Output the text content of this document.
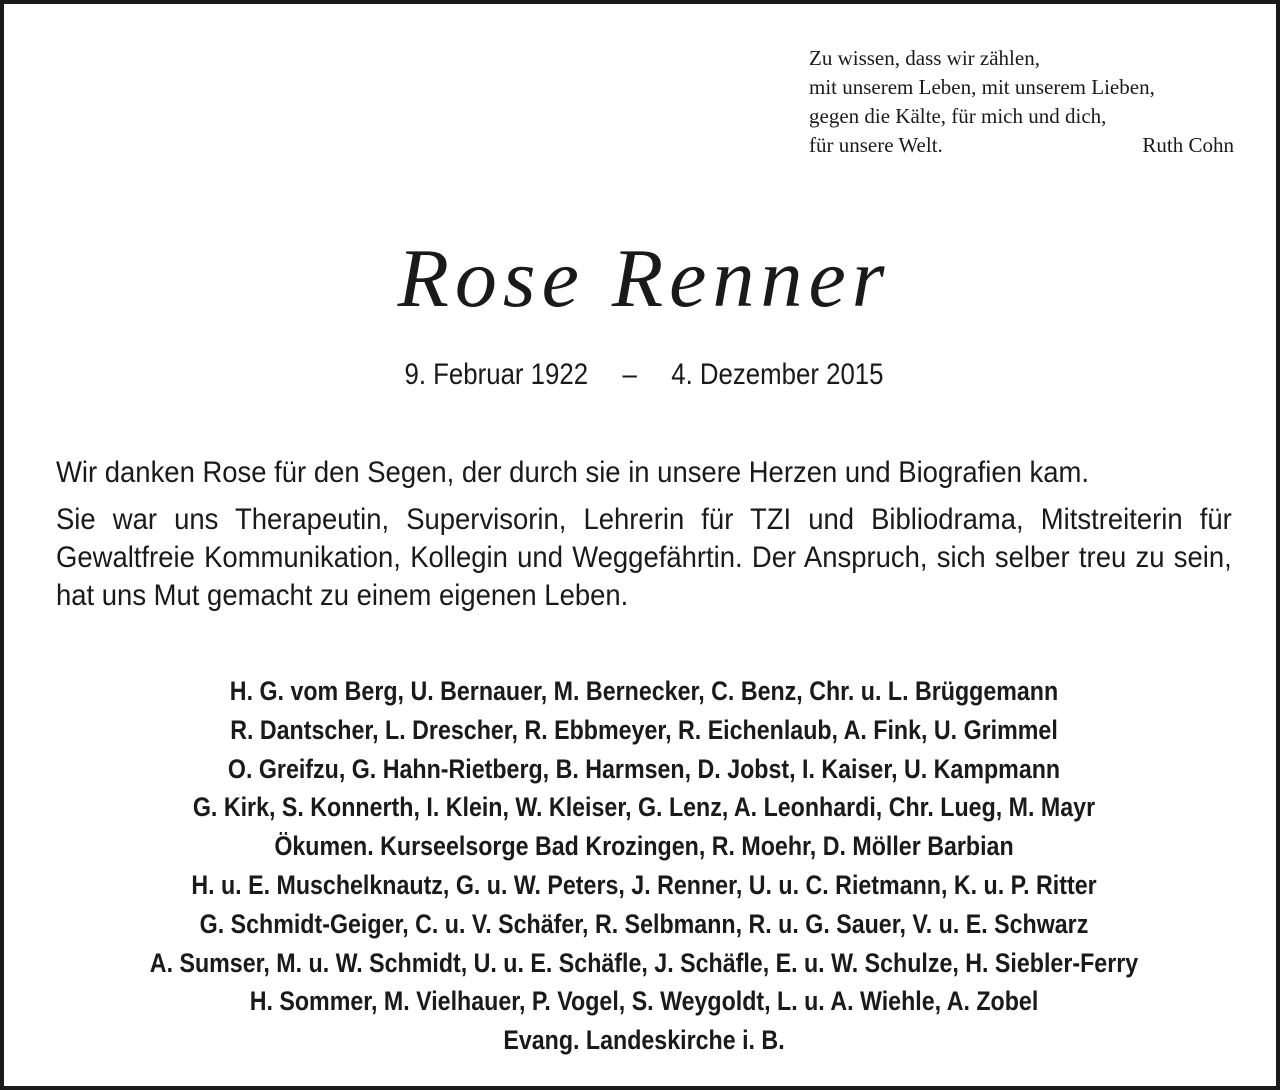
Zu wissen, dass wir zählen,
mit unserem Leben, mit unserem Lieben,
gegen die Kälte, für mich und dich,
für unsere Welt.	Ruth Cohn
Rose Renner
9. Februar 1922 – 4. Dezember 2015

Wir danken Rose für den Segen, der durch sie in unsere Herzen und Biografien kam.

Sie war uns Therapeutin, Supervisorin, Lehrerin für TZI und Bibliodrama, Mitstreiterin für Gewaltfreie Kommunikation, Kollegin und Weggefährtin. Der Anspruch, sich selber treu zu sein, hat uns Mut gemacht zu einem eigenen Leben.

H. G. vom Berg, U. Bernauer, M. Bernecker, C. Benz, Chr. u. L. Brüggemann
R. Dantscher, L. Drescher, R. Ebbmeyer, R. Eichenlaub, A. Fink, U. Grimmel
O. Greifzu, G. Hahn-Rietberg, B. Harmsen, D. Jobst, I. Kaiser, U. Kampmann
G. Kirk, S. Konnerth, I. Klein, W. Kleiser, G. Lenz, A. Leonhardi, Chr. Lueg, M. Mayr
Ökumen. Kurseelsorge Bad Krozingen, R. Moehr, D. Möller Barbian
H. u. E. Muschelknautz, G. u. W. Peters, J. Renner, U. u. C. Rietmann, K. u. P. Ritter
G. Schmidt-Geiger, C. u. V. Schäfer, R. Selbmann, R. u. G. Sauer, V. u. E. Schwarz
A. Sumser, M. u. W. Schmidt, U. u. E. Schäfle, J. Schäfle, E. u. W. Schulze, H. Siebler-Ferry
H. Sommer, M. Vielhauer, P. Vogel, S. Weygoldt, L. u. A. Wiehle, A. Zobel
Evang. Landeskirche i. B.
